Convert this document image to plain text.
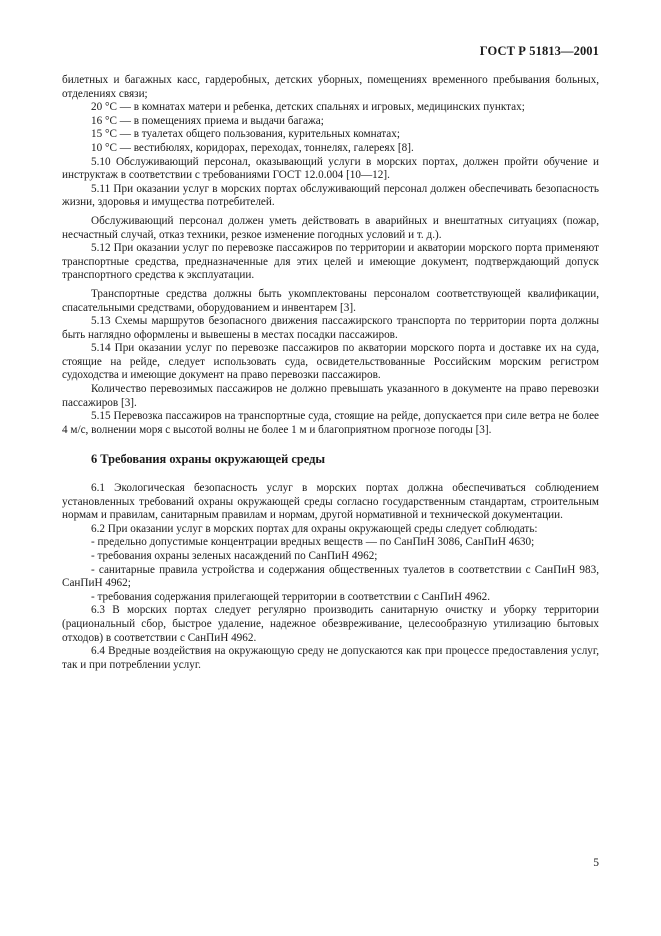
ГОСТ Р 51813—2001

билетных и багажных касс, гардеробных, детских уборных, помещениях временного пребывания больных, отделениях связи;

20 °С — в комнатах матери и ребенка, детских спальнях и игровых, медицинских пунктах;

16 °С — в помещениях приема и выдачи багажа;

15 °С — в туалетах общего пользования, курительных комнатах;

10 °С — вестибюлях, коридорах, переходах, тоннелях, галереях [8].

5.10 Обслуживающий персонал, оказывающий услуги в морских портах, должен пройти обучение и инструктаж в соответствии с требованиями ГОСТ 12.0.004 [10—12].

5.11 При оказании услуг в морских портах обслуживающий персонал должен обеспечивать безопасность жизни, здоровья и имущества потребителей.

Обслуживающий персонал должен уметь действовать в аварийных и внештатных ситуациях (пожар, несчастный случай, отказ техники, резкое изменение погодных условий и т. д.).

5.12 При оказании услуг по перевозке пассажиров по территории и акватории морского порта применяют транспортные средства, предназначенные для этих целей и имеющие документ, подтверждающий допуск транспортного средства к эксплуатации.

Транспортные средства должны быть укомплектованы персоналом соответствующей квалификации, спасательными средствами, оборудованием и инвентарем [3].

5.13 Схемы маршрутов безопасного движения пассажирского транспорта по территории порта должны быть наглядно оформлены и вывешены в местах посадки пассажиров.

5.14 При оказании услуг по перевозке пассажиров по акватории морского порта и доставке их на суда, стоящие на рейде, следует использовать суда, освидетельствованные Российским морским регистром судоходства и имеющие документ на право перевозки пассажиров.

Количество перевозимых пассажиров не должно превышать указанного в документе на право перевозки пассажиров [3].

5.15 Перевозка пассажиров на транспортные суда, стоящие на рейде, допускается при силе ветра не более 4 м/с, волнении моря с высотой волны не более 1 м и благоприятном прогнозе погоды [3].

6 Требования охраны окружающей среды

6.1 Экологическая безопасность услуг в морских портах должна обеспечиваться соблюдением установленных требований охраны окружающей среды согласно государственным стандартам, строительным нормам и правилам, санитарным правилам и нормам, другой нормативной и технической документации.

6.2 При оказании услуг в морских портах для охраны окружающей среды следует соблюдать:

- предельно допустимые концентрации вредных веществ — по СанПиН 3086, СанПиН 4630;

- требования охраны зеленых насаждений по СанПиН 4962;

- санитарные правила устройства и содержания общественных туалетов в соответствии с СанПиН 983, СанПиН 4962;

- требования содержания прилегающей территории в соответствии с СанПиН 4962.

6.3 В морских портах следует регулярно производить санитарную очистку и уборку территории (рациональный сбор, быстрое удаление, надежное обезвреживание, целесообразную утилизацию бытовых отходов) в соответствии с СанПиН 4962.

6.4 Вредные воздействия на окружающую среду не допускаются как при процессе предоставления услуг, так и при потреблении услуг.

5
